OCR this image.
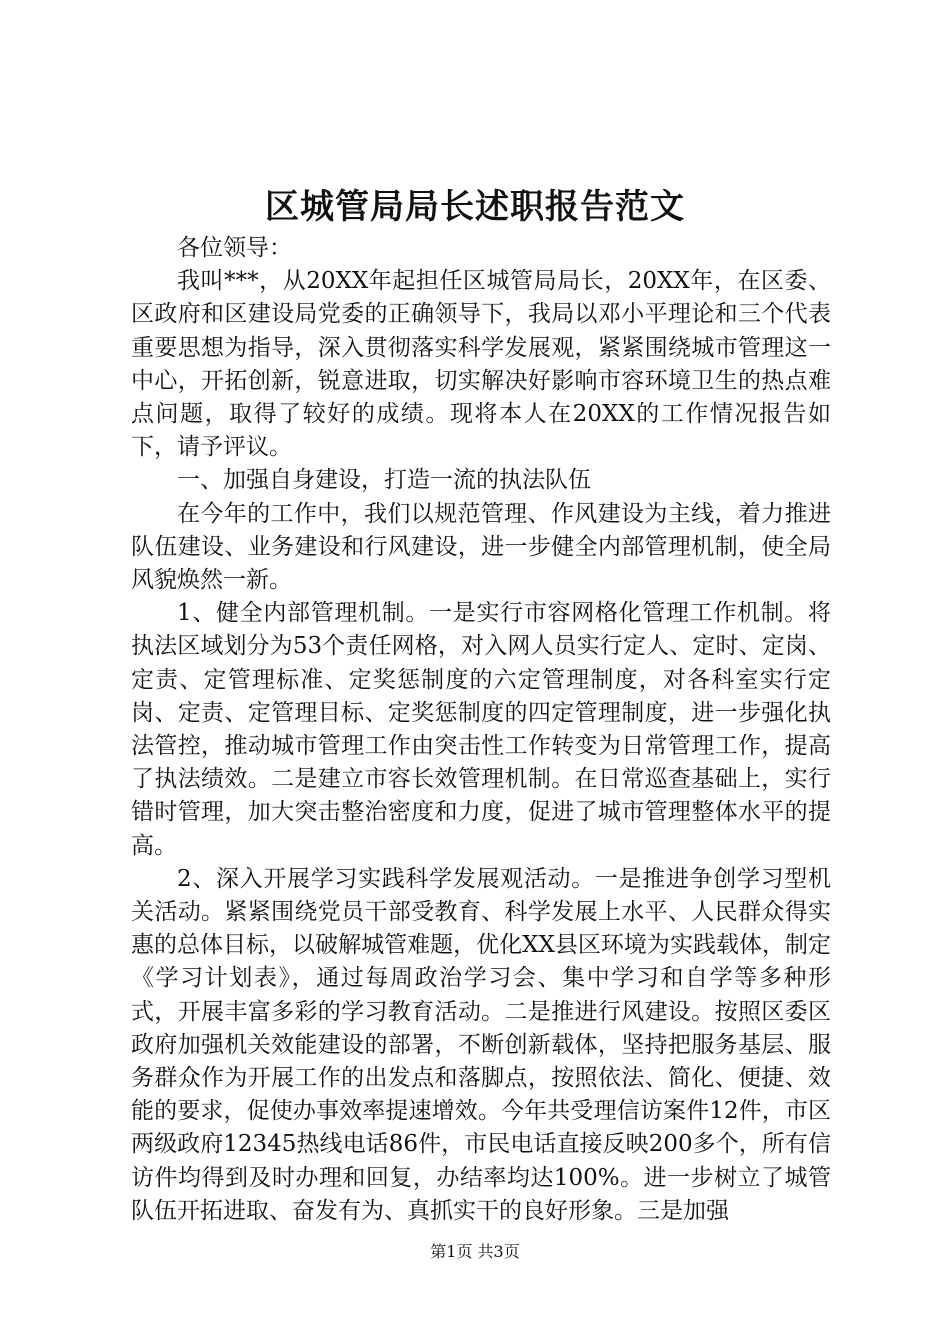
区城管局局长述职报告范文

各位领导：

我叫***，从20XX年起担任区城管局局长，20XX年，在区委、区政府和区建设局党委的正确领导下，我局以邓小平理论和三个代表重要思想为指导，深入贯彻落实科学发展观，紧紧围绕城市管理这一中心，开拓创新，锐意进取，切实解决好影响市容环境卫生的热点难点问题，取得了较好的成绩。现将本人在20XX的工作情况报告如下，请予评议。

一、加强自身建设，打造一流的执法队伍

在今年的工作中，我们以规范管理、作风建设为主线，着力推进队伍建设、业务建设和行风建设，进一步健全内部管理机制，使全局风貌焕然一新。

1、健全内部管理机制。一是实行市容网格化管理工作机制。将执法区域划分为53个责任网格，对入网人员实行定人、定时、定岗、定责、定管理标准、定奖惩制度的六定管理制度，对各科室实行定岗、定责、定管理目标、定奖惩制度的四定管理制度，进一步强化执法管控，推动城市管理工作由突击性工作转变为日常管理工作，提高了执法绩效。二是建立市容长效管理机制。在日常巡查基础上，实行错时管理，加大突击整治密度和力度，促进了城市管理整体水平的提高。

2、深入开展学习实践科学发展观活动。一是推进争创学习型机关活动。紧紧围绕党员干部受教育、科学发展上水平、人民群众得实惠的总体目标，以破解城管难题，优化XX县区环境为实践载体，制定《学习计划表》，通过每周政治学习会、集中学习和自学等多种形式，开展丰富多彩的学习教育活动。二是推进行风建设。按照区委区政府加强机关效能建设的部署，不断创新载体，坚持把服务基层、服务群众作为开展工作的出发点和落脚点，按照依法、简化、便捷、效能的要求，促使办事效率提速增效。今年共受理信访案件12件，市区两级政府12345热线电话86件，市民电话直接反映200多个，所有信访件均得到及时办理和回复，办结率均达100%。进一步树立了城管队伍开拓进取、奋发有为、真抓实干的良好形象。三是加强

第1页 共3页
